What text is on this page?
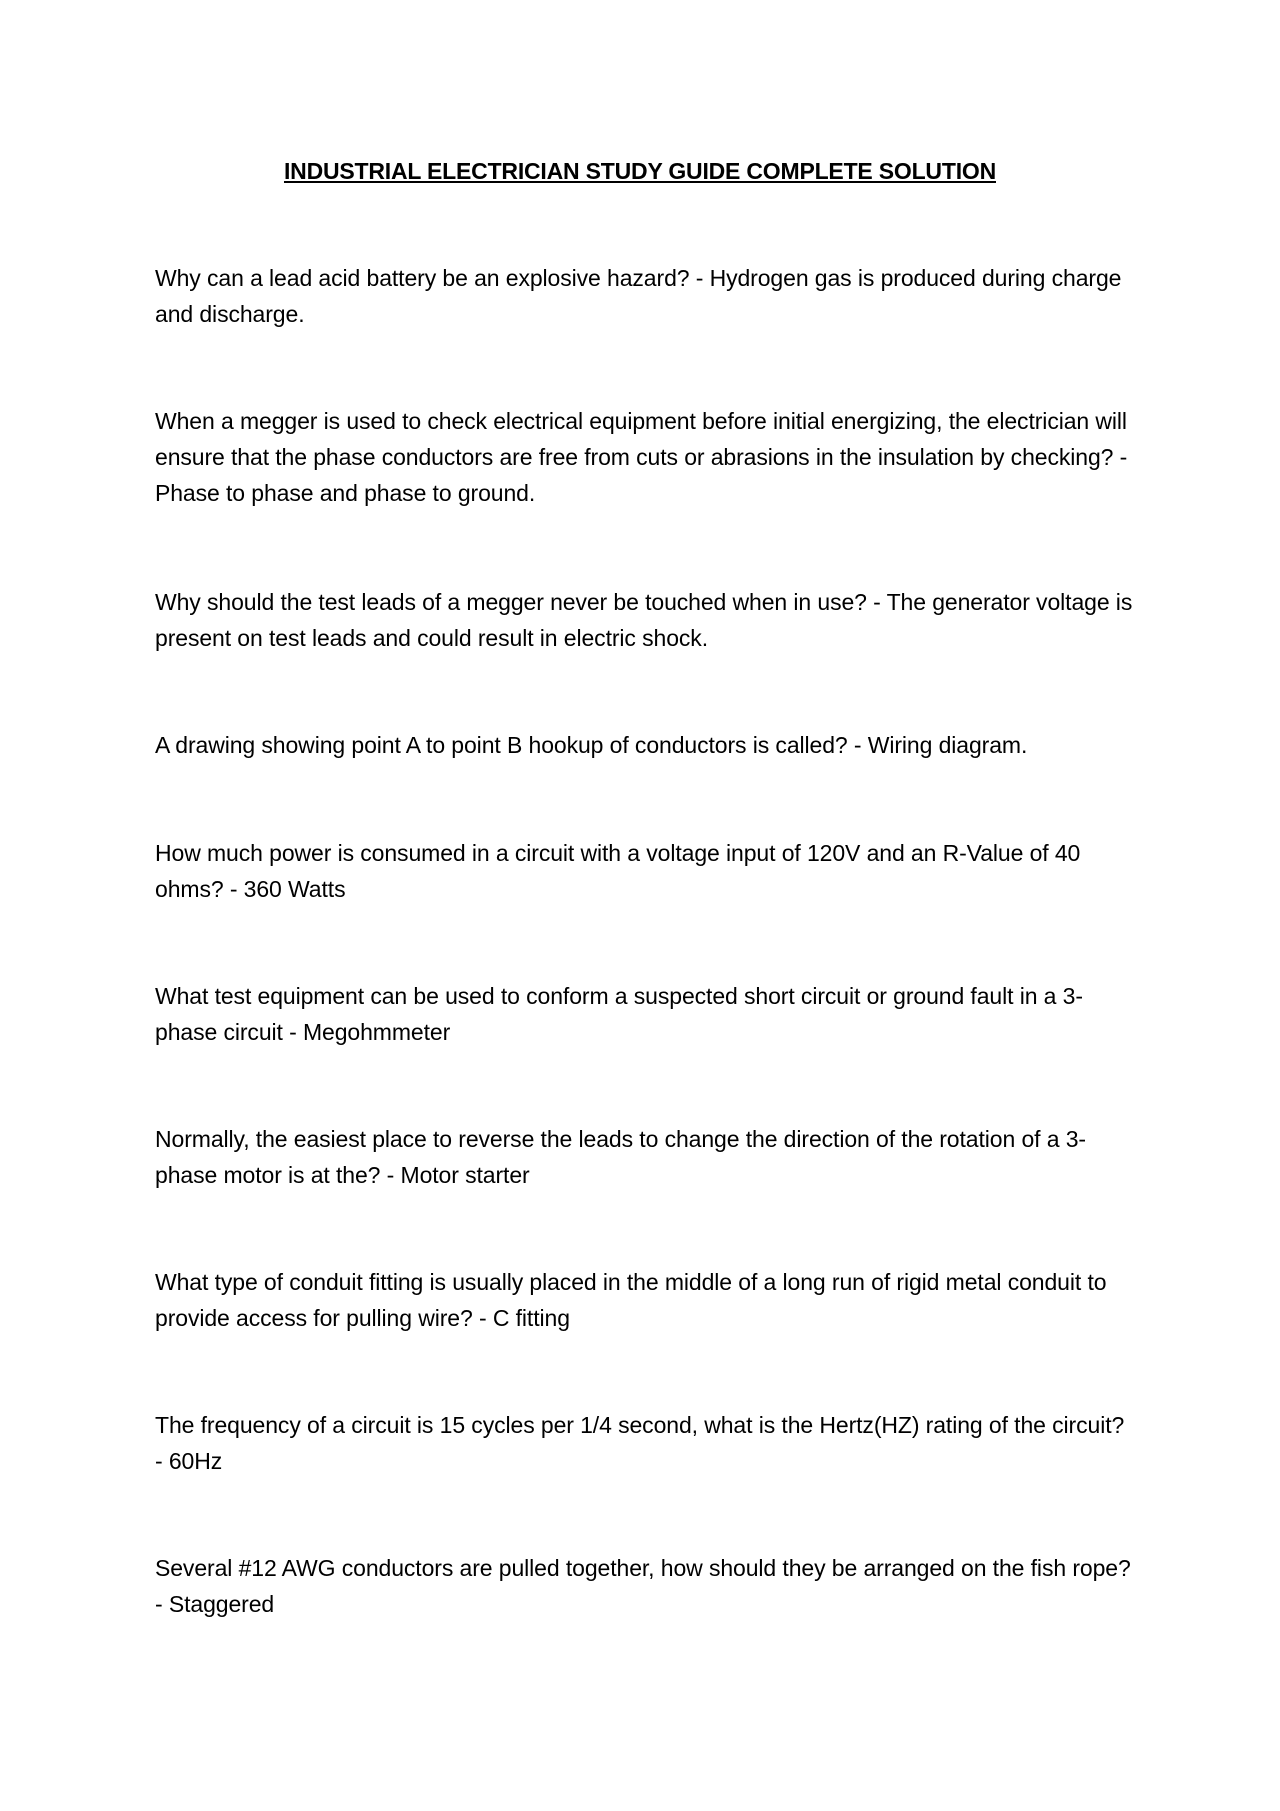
INDUSTRIAL ELECTRICIAN STUDY GUIDE COMPLETE SOLUTION

Why can a lead acid battery be an explosive hazard? - Hydrogen gas is produced during charge and discharge.

When a megger is used to check electrical equipment before initial energizing, the electrician will ensure that the phase conductors are free from cuts or abrasions in the insulation by checking? - Phase to phase and phase to ground.

Why should the test leads of a megger never be touched when in use? - The generator voltage is present on test leads and could result in electric shock.

A drawing showing point A to point B hookup of conductors is called? - Wiring diagram.

How much power is consumed in a circuit with a voltage input of 120V and an R-Value of 40 ohms? - 360 Watts

What test equipment can be used to conform a suspected short circuit or ground fault in a 3-phase circuit - Megohmmeter

Normally, the easiest place to reverse the leads to change the direction of the rotation of a 3-phase motor is at the? - Motor starter

What type of conduit fitting is usually placed in the middle of a long run of rigid metal conduit to provide access for pulling wire? - C fitting

The frequency of a circuit is 15 cycles per 1/4 second, what is the Hertz(HZ) rating of the circuit? - 60Hz

Several #12 AWG conductors are pulled together, how should they be arranged on the fish rope? - Staggered
